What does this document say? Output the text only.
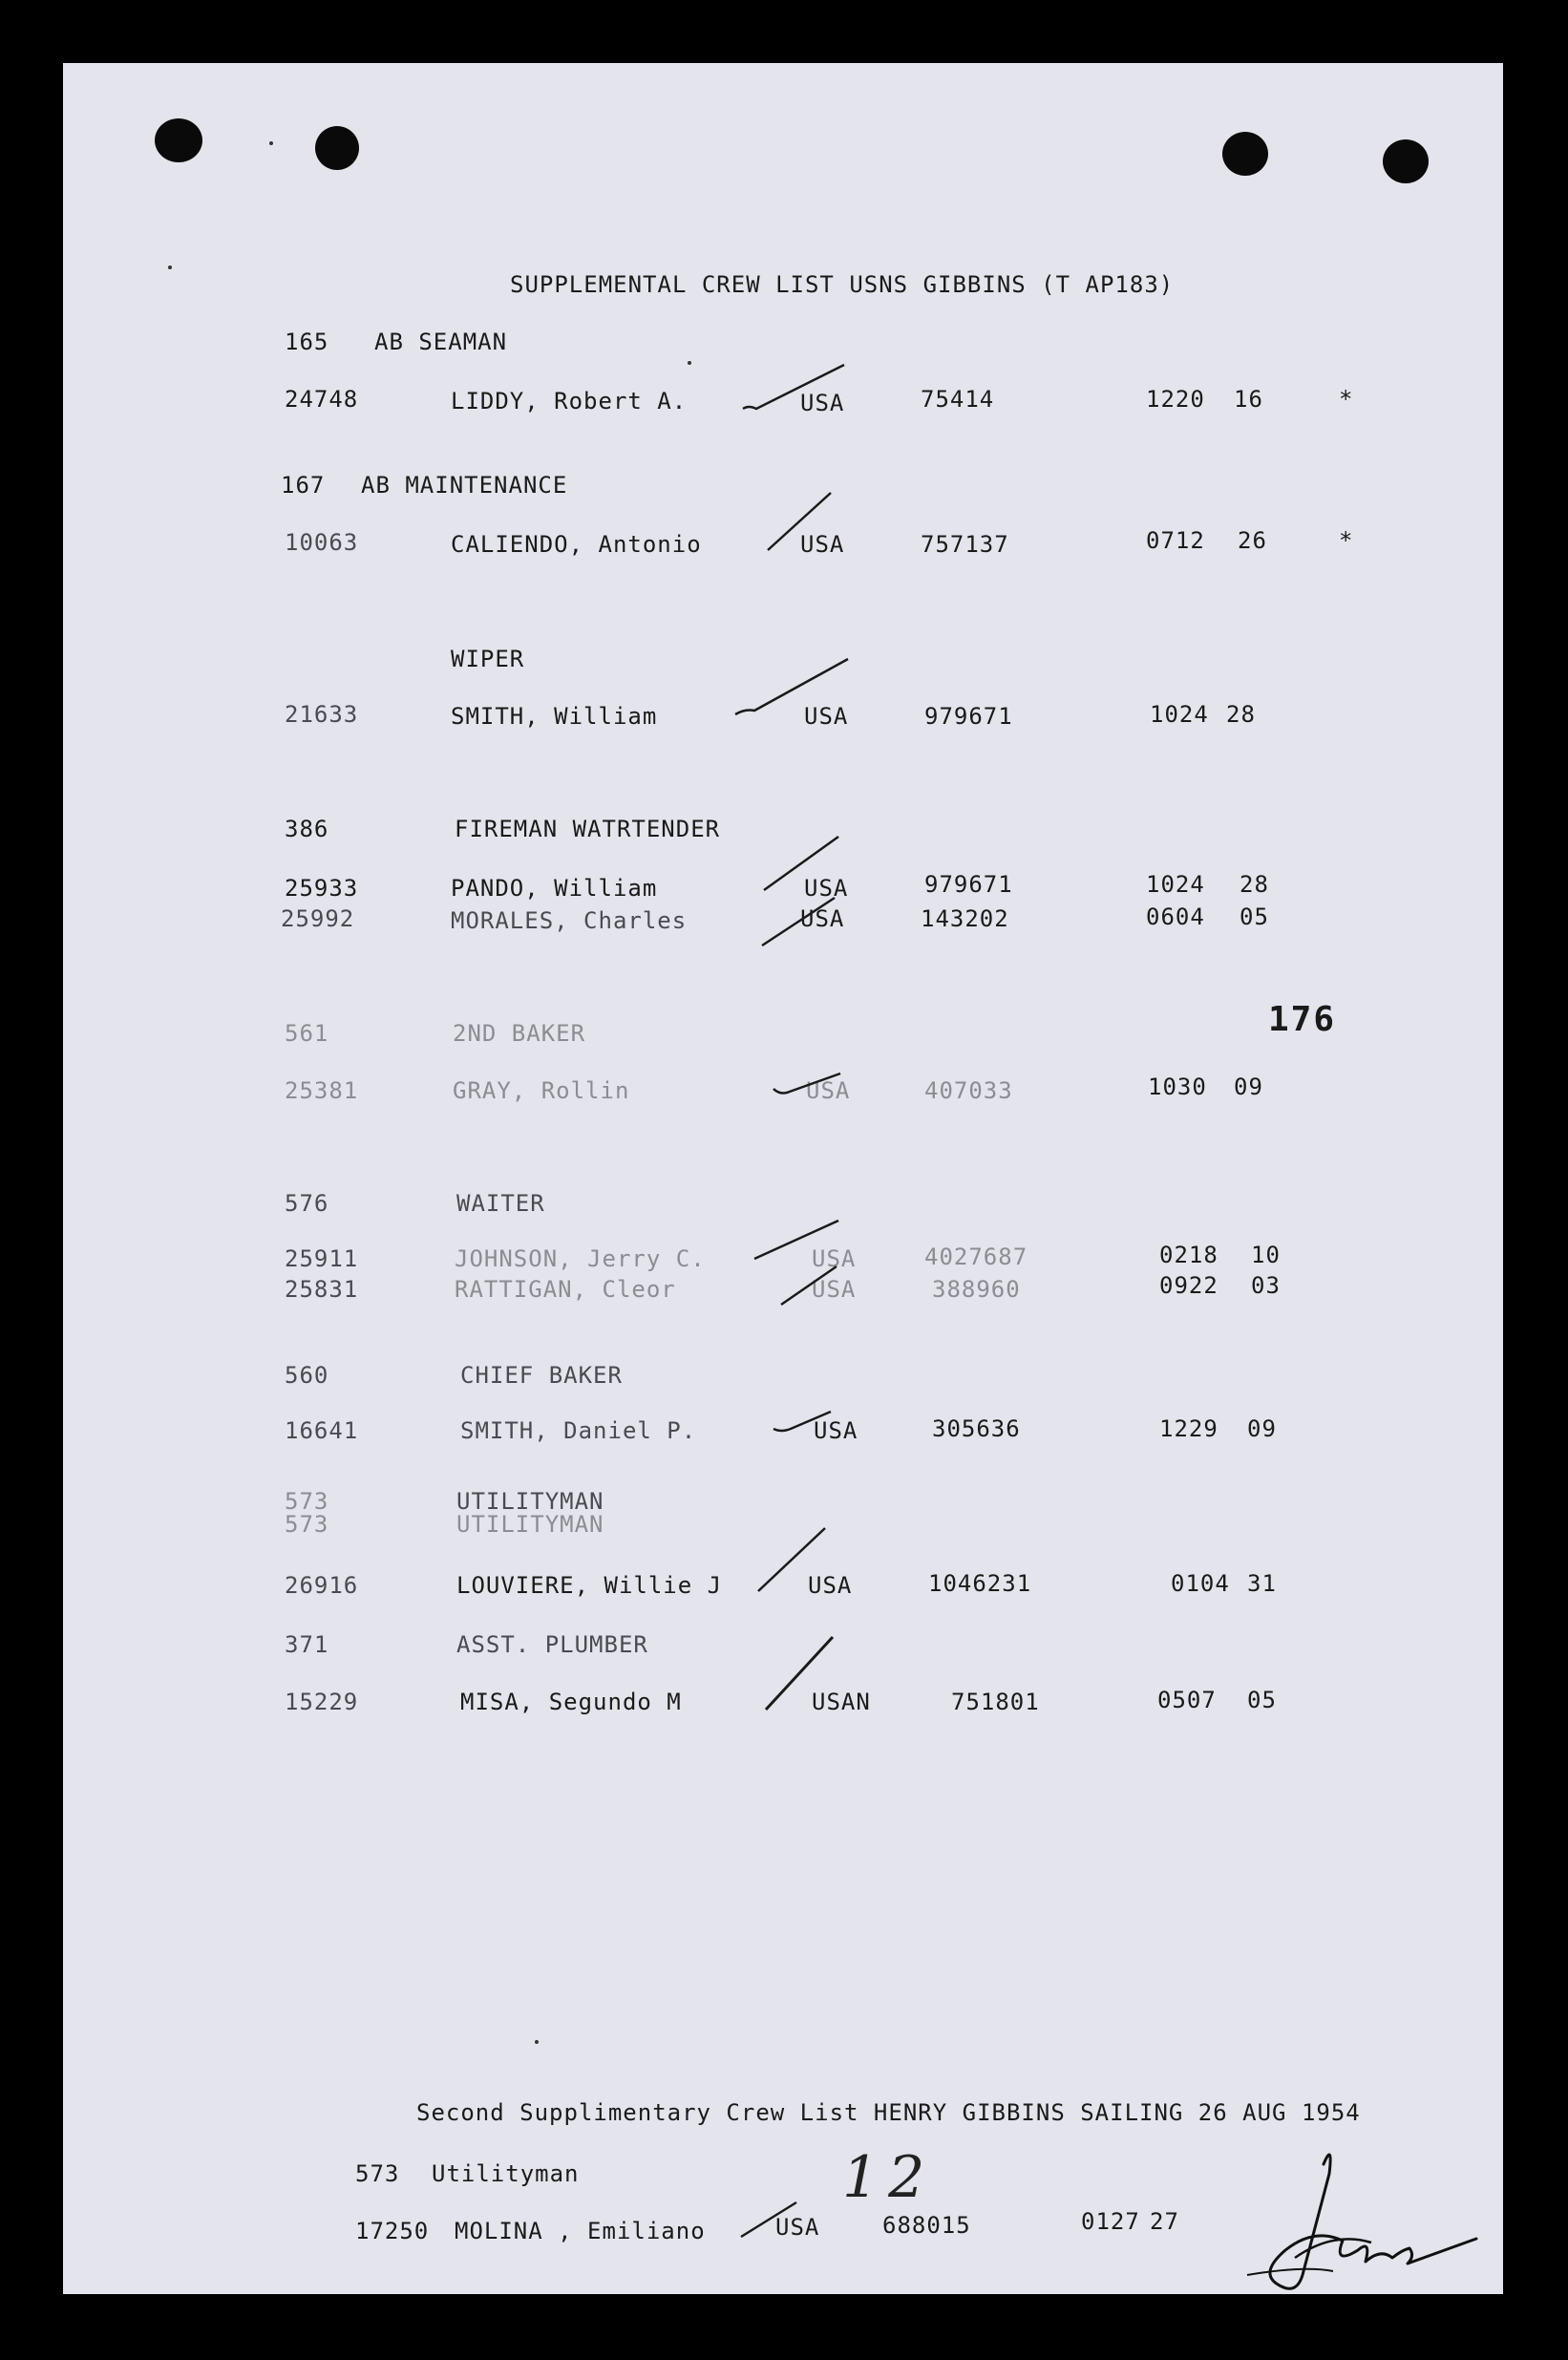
SUPPLEMENTAL CREW LIST USNS GIBBINS (T AP183)
165 AB SEAMAN
24748	LIDDY, Robert A.	USA	75414	1220 16	*
167 AB MAINTENANCE
10063	CALIENDO, Antonio	USA	757137	0712 26	*
WIPER
21633	SMITH, William	USA	979671	1024 28
386	FIREMAN WATRTENDER
25933	PANDO, William	USA	979671	1024 28
25992	MORALES, Charles	USA	143202	0604 05
561	2ND BAKER	176
25381	GRAY, Rollin	USA	407033	1030 09
576	WAITER
25911	JOHNSON, Jerry C.	USA	4027687	0218 10
25831	RATTIGAN, Cleor	USA	388960	0922 03
560	CHIEF BAKER
16641	SMITH, Daniel P.	USA	305636	1229 09
573
573
UTILITYMAN
UTILITYMAN
26916	LOUVIERE, Willie J	USA	1046231	0104 31
371	ASST. PLUMBER
15229	MISA, Segundo M	USAN	751801	0507 05
Second Supplimentary Crew List HENRY GIBBINS SAILING 26 AUG 1954
573 Utilityman
17250 MOLINA , Emiliano	USA	688015	0127 27
12
